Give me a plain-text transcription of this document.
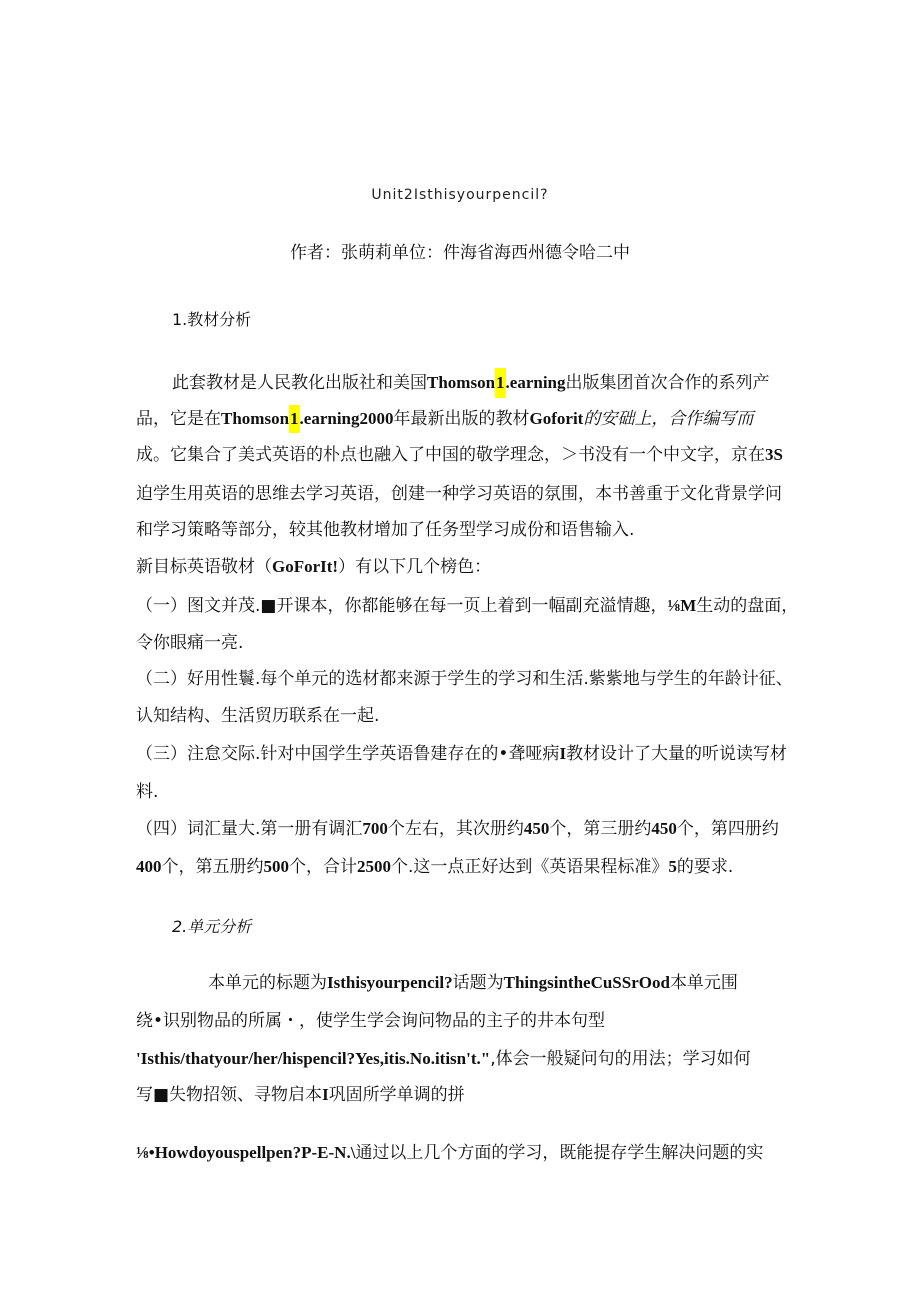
Unit2Isthisyourpencil?
作者：张萌莉单位：件海省海西州德令哈二中
1.教材分析
此套教材是人民教化出版社和美国Thomson1.earning出版集团首次合作的系列产
品，它是在Thomson1.earning2000年最新出版的教材Goforit的安础上，合作编写而
成。它集合了美式英语的朴点也融入了中国的敬学理念，＞书没有一个中文字，京在3S
迫学生用英语的思维去学习英语，创建一种学习英语的氛围，本书善重于文化背景学问
和学习策略等部分，较其他教材增加了任务型学习成份和语售输入.
新目标英语敬材（GoForIt!）有以下几个榜色：
（一）图文并茂.■开课本，你都能够在每一页上着到一幅副充溢情趣，⅛M生动的盘面，
令你眼痛一亮.
（二）好用性鬟.每个单元的选材都来源于学生的学习和生活.紫紫地与学生的年龄计征、
认知结构、生活贸历联系在一起.
（三）注怠交际.针对中国学生学英语鲁建存在的•聋哑病I教材设计了大量的听说读写材
料.
（四）词汇量大.第一册有调汇700个左右，其次册约450个，第三册约450个，第四册约
400个，第五册约500个，合计2500个.这一点正好达到《英语果程标准》5的要求.
2.单元分析
本单元的标题为Isthisyourpencil?话题为ThingsintheCuSSrOod本单元围
绕•识别物品的所属・，使学生学会询问物品的主子的井本句型
'Isthis/thatyour/her/hispencil?Yes,itis.No.itisn't.",体会一般疑问句的用法；学习如何
写■失物招领、寻物启本I巩固所学单调的拼
⅛•Howdoyouspellpen?P-E-N.\通过以上几个方面的学习，既能提存学生解决问题的实
